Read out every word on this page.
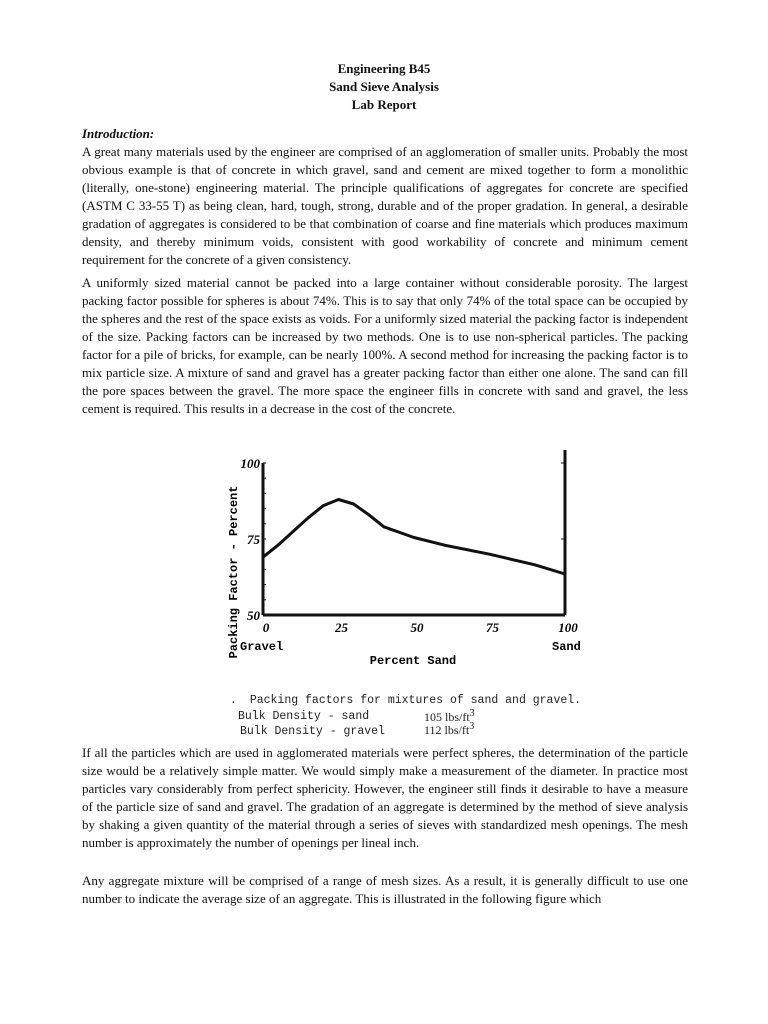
Engineering B45
Sand Sieve Analysis
Lab Report
Introduction:
A great many materials used by the engineer are comprised of an agglomeration of smaller units. Probably the most obvious example is that of concrete in which gravel, sand and cement are mixed together to form a monolithic (literally, one-stone) engineering material. The principle qualifications of aggregates for concrete are specified (ASTM C 33-55 T) as being clean, hard, tough, strong, durable and of the proper gradation. In general, a desirable gradation of aggregates is considered to be that combination of coarse and fine materials which produces maximum density, and thereby minimum voids, consistent with good workability of concrete and minimum cement requirement for the concrete of a given consistency.
A uniformly sized material cannot be packed into a large container without considerable porosity. The largest packing factor possible for spheres is about 74%. This is to say that only 74% of the total space can be occupied by the spheres and the rest of the space exists as voids. For a uniformly sized material the packing factor is independent of the size. Packing factors can be increased by two methods. One is to use non-spherical particles. The packing factor for a pile of bricks, for example, can be nearly 100%. A second method for increasing the packing factor is to mix particle size. A mixture of sand and gravel has a greater packing factor than either one alone. The sand can fill the pore spaces between the gravel. The more space the engineer fills in concrete with sand and gravel, the less cement is required. This results in a decrease in the cost of the concrete.
50
75
100
0	25	50	75	100
Packing Factor - Percent
Percent Sand
Gravel	Sand
. Packing factors for mixtures of sand and gravel.
Bulk Density - sand	105 lbs/$ft^3$
Bulk Density - gravel	112 lbs/$ft^3$
If all the particles which are used in agglomerated materials were perfect spheres, the determination of the particle size would be a relatively simple matter. We would simply make a measurement of the diameter. In practice most particles vary considerably from perfect sphericity. However, the engineer still finds it desirable to have a measure of the particle size of sand and gravel. The gradation of an aggregate is determined by the method of sieve analysis by shaking a given quantity of the material through a series of sieves with standardized mesh openings. The mesh number is approximately the number of openings per lineal inch.
Any aggregate mixture will be comprised of a range of mesh sizes. As a result, it is generally difficult to use one number to indicate the average size of an aggregate. This is illustrated in the following figure which
